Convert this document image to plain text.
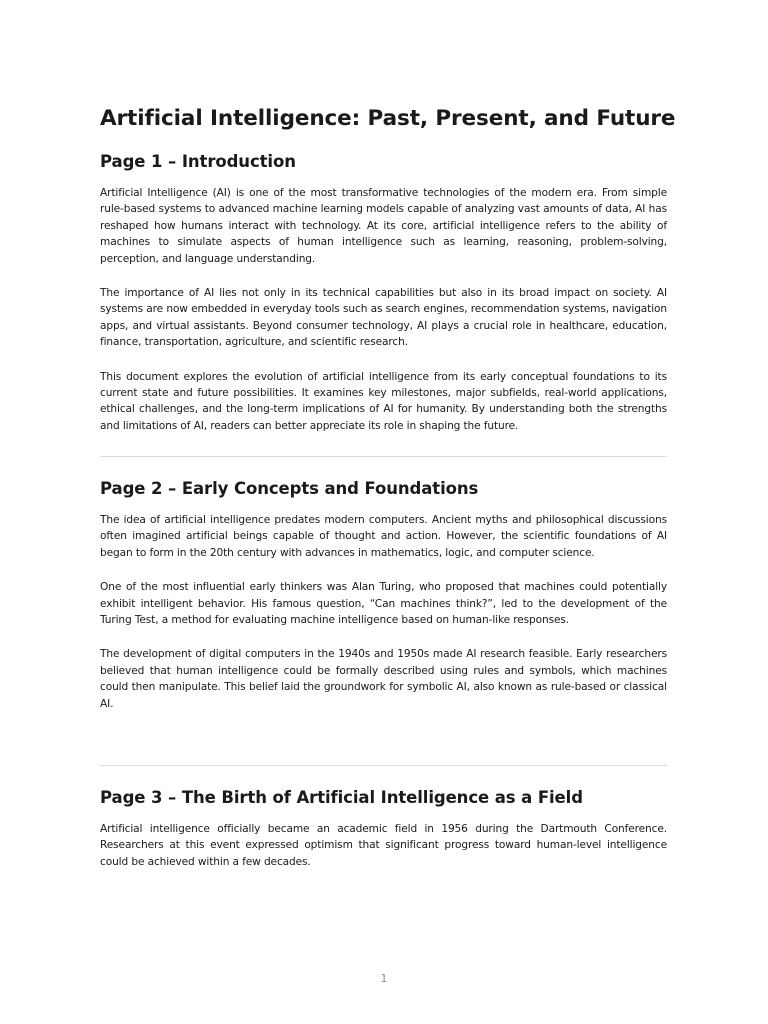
Artificial Intelligence: Past, Present, and Future
Page 1 – Introduction

Artificial Intelligence (AI) is one of the most transformative technologies of the modern era. From simple rule-based systems to advanced machine learning models capable of analyzing vast amounts of data, AI has reshaped how humans interact with technology. At its core, artificial intelligence refers to the ability of machines to simulate aspects of human intelligence such as learning, reasoning, problem-solving, perception, and language understanding.

The importance of AI lies not only in its technical capabilities but also in its broad impact on society. AI systems are now embedded in everyday tools such as search engines, recommendation systems, navigation apps, and virtual assistants. Beyond consumer technology, AI plays a crucial role in healthcare, education, finance, transportation, agriculture, and scientific research.

This document explores the evolution of artificial intelligence from its early conceptual foundations to its current state and future possibilities. It examines key milestones, major subfields, real-world applications, ethical challenges, and the long-term implications of AI for humanity. By understanding both the strengths and limitations of AI, readers can better appreciate its role in shaping the future.

Page 2 – Early Concepts and Foundations

The idea of artificial intelligence predates modern computers. Ancient myths and philosophical discussions often imagined artificial beings capable of thought and action. However, the scientific foundations of AI began to form in the 20th century with advances in mathematics, logic, and computer science.

One of the most influential early thinkers was Alan Turing, who proposed that machines could potentially exhibit intelligent behavior. His famous question, “Can machines think?”, led to the development of the Turing Test, a method for evaluating machine intelligence based on human-like responses.

The development of digital computers in the 1940s and 1950s made AI research feasible. Early researchers believed that human intelligence could be formally described using rules and symbols, which machines could then manipulate. This belief laid the groundwork for symbolic AI, also known as rule-based or classical AI.

Page 3 – The Birth of Artificial Intelligence as a Field

Artificial intelligence officially became an academic field in 1956 during the Dartmouth Conference. Researchers at this event expressed optimism that significant progress toward human-level intelligence could be achieved within a few decades.

1
